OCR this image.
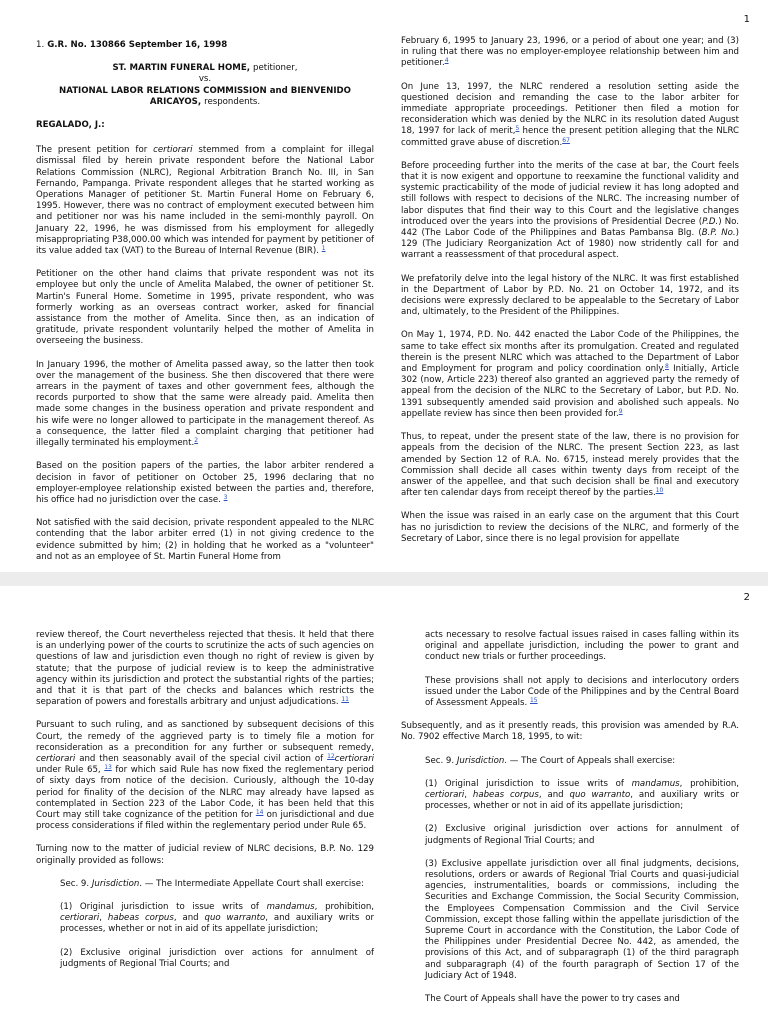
1
1. G.R. No. 130866 September 16, 1998
ST. MARTIN FUNERAL HOME, petitioner,
vs.
NATIONAL LABOR RELATIONS COMMISSION and BIENVENIDO ARICAYOS, respondents.
REGALADO, J.:

The present petition for certiorari stemmed from a complaint for illegal dismissal filed by herein private respondent before the National Labor Relations Commission (NLRC), Regional Arbitration Branch No. III, in San Fernando, Pampanga. Private respondent alleges that he started working as Operations Manager of petitioner St. Martin Funeral Home on February 6, 1995. However, there was no contract of employment executed between him and petitioner nor was his name included in the semi-monthly payroll. On January 22, 1996, he was dismissed from his employment for allegedly misappropriating P38,000.00 which was intended for payment by petitioner of its value added tax (VAT) to the Bureau of Internal Revenue (BIR). $^1$

Petitioner on the other hand claims that private respondent was not its employee but only the uncle of Amelita Malabed, the owner of petitioner St. Martin's Funeral Home. Sometime in 1995, private respondent, who was formerly working as an overseas contract worker, asked for financial assistance from the mother of Amelita. Since then, as an indication of gratitude, private respondent voluntarily helped the mother of Amelita in overseeing the business.

In January 1996, the mother of Amelita passed away, so the latter then took over the management of the business. She then discovered that there were arrears in the payment of taxes and other government fees, although the records purported to show that the same were already paid. Amelita then made some changes in the business operation and private respondent and his wife were no longer allowed to participate in the management thereof. As a consequence, the latter filed a complaint charging that petitioner had illegally terminated his employment.$^2$

Based on the position papers of the parties, the labor arbiter rendered a decision in favor of petitioner on October 25, 1996 declaring that no employer-employee relationship existed between the parties and, therefore, his office had no jurisdiction over the case. $^3$

Not satisfied with the said decision, private respondent appealed to the NLRC contending that the labor arbiter erred (1) in not giving credence to the evidence submitted by him; (2) in holding that he worked as a "volunteer" and not as an employee of St. Martin Funeral Home from

February 6, 1995 to January 23, 1996, or a period of about one year; and (3) in ruling that there was no employer-employee relationship between him and petitioner.$^4$

On June 13, 1997, the NLRC rendered a resolution setting aside the questioned decision and remanding the case to the labor arbiter for immediate appropriate proceedings. Petitioner then filed a motion for reconsideration which was denied by the NLRC in its resolution dated August 18, 1997 for lack of merit,$^5$ hence the present petition alleging that the NLRC committed grave abuse of discretion.$^{67}$

Before proceeding further into the merits of the case at bar, the Court feels that it is now exigent and opportune to reexamine the functional validity and systemic practicability of the mode of judicial review it has long adopted and still follows with respect to decisions of the NLRC. The increasing number of labor disputes that find their way to this Court and the legislative changes introduced over the years into the provisions of Presidential Decree (P.D.) No. 442 (The Labor Code of the Philippines and Batas Pambansa Blg. (B.P. No.) 129 (The Judiciary Reorganization Act of 1980) now stridently call for and warrant a reassessment of that procedural aspect.

We prefatorily delve into the legal history of the NLRC. It was first established in the Department of Labor by P.D. No. 21 on October 14, 1972, and its decisions were expressly declared to be appealable to the Secretary of Labor and, ultimately, to the President of the Philippines.

On May 1, 1974, P.D. No. 442 enacted the Labor Code of the Philippines, the same to take effect six months after its promulgation. Created and regulated therein is the present NLRC which was attached to the Department of Labor and Employment for program and policy coordination only.$^8$ Initially, Article 302 (now, Article 223) thereof also granted an aggrieved party the remedy of appeal from the decision of the NLRC to the Secretary of Labor, but P.D. No. 1391 subsequently amended said provision and abolished such appeals. No appellate review has since then been provided for.$^9$

Thus, to repeat, under the present state of the law, there is no provision for appeals from the decision of the NLRC. The present Section 223, as last amended by Section 12 of R.A. No. 6715, instead merely provides that the Commission shall decide all cases within twenty days from receipt of the answer of the appellee, and that such decision shall be final and executory after ten calendar days from receipt thereof by the parties.$^{10}$

When the issue was raised in an early case on the argument that this Court has no jurisdiction to review the decisions of the NLRC, and formerly of the Secretary of Labor, since there is no legal provision for appellate

2

review thereof, the Court nevertheless rejected that thesis. It held that there is an underlying power of the courts to scrutinize the acts of such agencies on questions of law and jurisdiction even though no right of review is given by statute; that the purpose of judicial review is to keep the administrative agency within its jurisdiction and protect the substantial rights of the parties; and that it is that part of the checks and balances which restricts the separation of powers and forestalls arbitrary and unjust adjudications. $^{11}$

Pursuant to such ruling, and as sanctioned by subsequent decisions of this Court, the remedy of the aggrieved party is to timely file a motion for reconsideration as a precondition for any further or subsequent remedy, certiorari and then seasonably avail of the special civil action of $^{12}$certiorari under Rule 65, $^{13}$ for which said Rule has now fixed the reglementary period of sixty days from notice of the decision. Curiously, although the 10-day period for finality of the decision of the NLRC may already have lapsed as contemplated in Section 223 of the Labor Code, it has been held that this Court may still take cognizance of the petition for $^{14}$ on jurisdictional and due process considerations if filed within the reglementary period under Rule 65.

Turning now to the matter of judicial review of NLRC decisions, B.P. No. 129 originally provided as follows:

Sec. 9. Jurisdiction. — The Intermediate Appellate Court shall exercise:

(1) Original jurisdiction to issue writs of mandamus, prohibition, certiorari, habeas corpus, and quo warranto, and auxiliary writs or processes, whether or not in aid of its appellate jurisdiction;

(2) Exclusive original jurisdiction over actions for annulment of judgments of Regional Trial Courts; and

acts necessary to resolve factual issues raised in cases falling within its original and appellate jurisdiction, including the power to grant and conduct new trials or further proceedings.

These provisions shall not apply to decisions and interlocutory orders issued under the Labor Code of the Philippines and by the Central Board of Assessment Appeals. $^{15}$

Subsequently, and as it presently reads, this provision was amended by R.A. No. 7902 effective March 18, 1995, to wit:

Sec. 9. Jurisdiction. — The Court of Appeals shall exercise:

(1) Original jurisdiction to issue writs of mandamus, prohibition, certiorari, habeas corpus, and quo warranto, and auxiliary writs or processes, whether or not in aid of its appellate jurisdiction;

(2) Exclusive original jurisdiction over actions for annulment of judgments of Regional Trial Courts; and

(3) Exclusive appellate jurisdiction over all final judgments, decisions, resolutions, orders or awards of Regional Trial Courts and quasi-judicial agencies, instrumentalities, boards or commissions, including the Securities and Exchange Commission, the Social Security Commission, the Employees Compensation Commission and the Civil Service Commission, except those falling within the appellate jurisdiction of the Supreme Court in accordance with the Constitution, the Labor Code of the Philippines under Presidential Decree No. 442, as amended, the provisions of this Act, and of subparagraph (1) of the third paragraph and subparagraph (4) of the fourth paragraph of Section 17 of the Judiciary Act of 1948.

The Court of Appeals shall have the power to try cases and
